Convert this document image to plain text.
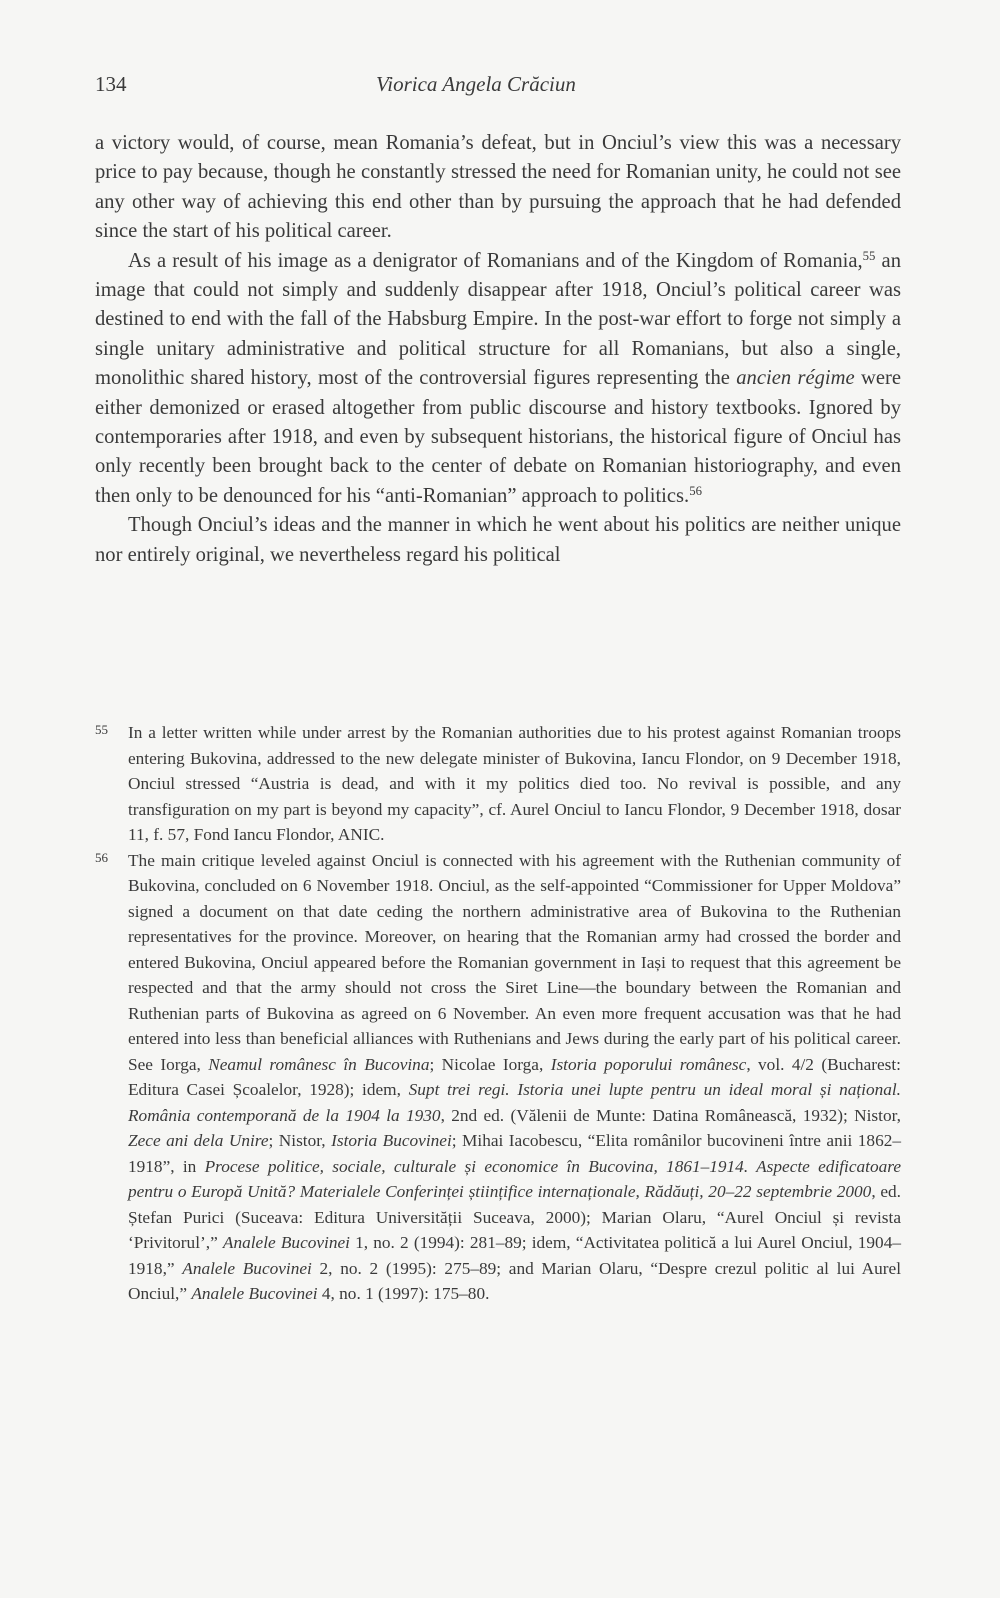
134	Viorica Angela Crăciun

a victory would, of course, mean Romania’s defeat, but in Onciul’s view this was a necessary price to pay because, though he constantly stressed the need for Romanian unity, he could not see any other way of achieving this end other than by pursuing the approach that he had defended since the start of his political career.

As a result of his image as a denigrator of Romanians and of the Kingdom of Romania,$^{55}$ an image that could not simply and suddenly disappear after 1918, Onciul’s political career was destined to end with the fall of the Habsburg Empire. In the post-war effort to forge not simply a single unitary administrative and political structure for all Romanians, but also a single, monolithic shared history, most of the controversial figures representing the ancien régime were either demonized or erased altogether from public discourse and history textbooks. Ignored by contemporaries after 1918, and even by subsequent historians, the historical figure of Onciul has only recently been brought back to the center of debate on Romanian historiography, and even then only to be denounced for his “anti-Romanian” approach to politics.$^{56}$

Though Onciul’s ideas and the manner in which he went about his politics are neither unique nor entirely original, we nevertheless regard his political

55 In a letter written while under arrest by the Romanian authorities due to his protest against Romanian troops entering Bukovina, addressed to the new delegate minister of Bukovina, Iancu Flondor, on 9 December 1918, Onciul stressed “Austria is dead, and with it my politics died too. No revival is possible, and any transfiguration on my part is beyond my capacity”, cf. Aurel Onciul to Iancu Flondor, 9 December 1918, dosar 11, f. 57, Fond Iancu Flondor, ANIC.
56 The main critique leveled against Onciul is connected with his agreement with the Ruthenian community of Bukovina, concluded on 6 November 1918. Onciul, as the self-appointed “Commissioner for Upper Moldova” signed a document on that date ceding the northern administrative area of Bukovina to the Ruthenian representatives for the province. Moreover, on hearing that the Romanian army had crossed the border and entered Bukovina, Onciul appeared before the Romanian government in Iași to request that this agreement be respected and that the army should not cross the Siret Line—the boundary between the Romanian and Ruthenian parts of Bukovina as agreed on 6 November. An even more frequent accusation was that he had entered into less than beneficial alliances with Ruthenians and Jews during the early part of his political career. See Iorga, Neamul românesc în Bucovina; Nicolae Iorga, Istoria poporului românesc, vol. 4/2 (Bucharest: Editura Casei Școalelor, 1928); idem, Supt trei regi. Istoria unei lupte pentru un ideal moral și național. România contemporană de la 1904 la 1930, 2nd ed. (Vălenii de Munte: Datina Românească, 1932); Nistor, Zece ani dela Unire; Nistor, Istoria Bucovinei; Mihai Iacobescu, “Elita românilor bucovineni între anii 1862–1918”, in Procese politice, sociale, culturale și economice în Bucovina, 1861–1914. Aspecte edificatoare pentru o Europă Unită? Materialele Conferinței științifice internaționale, Rădăuți, 20–22 septembrie 2000, ed. Ștefan Purici (Suceava: Editura Universității Suceava, 2000); Marian Olaru, “Aurel Onciul și revista ‘Privitorul’,” Analele Bucovinei 1, no. 2 (1994): 281–89; idem, “Activitatea politică a lui Aurel Onciul, 1904–1918,” Analele Bucovinei 2, no. 2 (1995): 275–89; and Marian Olaru, “Despre crezul politic al lui Aurel Onciul,” Analele Bucovinei 4, no. 1 (1997): 175–80.
